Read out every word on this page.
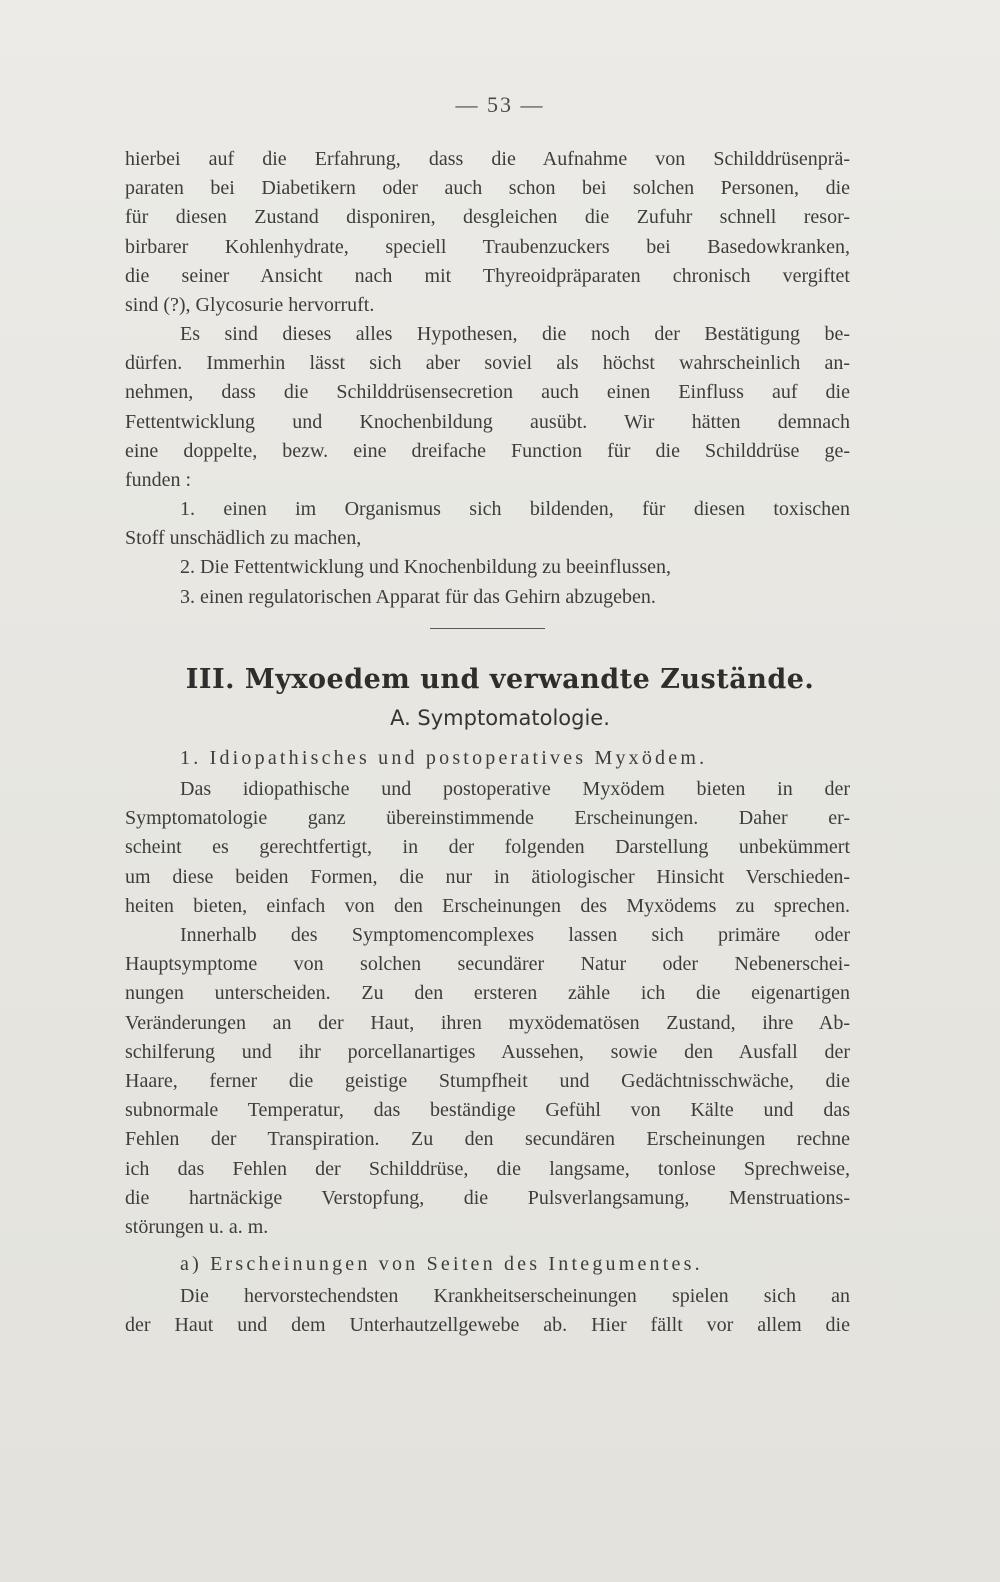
— 53 —
hierbei auf die Erfahrung, dass die Aufnahme von Schilddrüsenprä-
paraten bei Diabetikern oder auch schon bei solchen Personen, die
für diesen Zustand disponiren, desgleichen die Zufuhr schnell resor-
birbarer Kohlenhydrate, speciell Traubenzuckers bei Basedowkranken,
die seiner Ansicht nach mit Thyreoidpräparaten chronisch vergiftet
sind (?), Glycosurie hervorruft.
Es sind dieses alles Hypothesen, die noch der Bestätigung be-
dürfen. Immerhin lässt sich aber soviel als höchst wahrscheinlich an-
nehmen, dass die Schilddrüsensecretion auch einen Einfluss auf die
Fettentwicklung und Knochenbildung ausübt. Wir hätten demnach
eine doppelte, bezw. eine dreifache Function für die Schilddrüse ge-
funden :
1. einen im Organismus sich bildenden, für diesen toxischen
Stoff unschädlich zu machen,
2. Die Fettentwicklung und Knochenbildung zu beeinflussen,
3. einen regulatorischen Apparat für das Gehirn abzugeben.
III. Myxoedem und verwandte Zustände.
A. Symptomatologie.
1. Idiopathisches und postoperatives Myxödem.
Das idiopathische und postoperative Myxödem bieten in der
Symptomatologie ganz übereinstimmende Erscheinungen. Daher er-
scheint es gerechtfertigt, in der folgenden Darstellung unbekümmert
um diese beiden Formen, die nur in ätiologischer Hinsicht Verschieden-
heiten bieten, einfach von den Erscheinungen des Myxödems zu sprechen.
Innerhalb des Symptomencomplexes lassen sich primäre oder
Hauptsymptome von solchen secundärer Natur oder Nebenerschei-
nungen unterscheiden. Zu den ersteren zähle ich die eigenartigen
Veränderungen an der Haut, ihren myxödematösen Zustand, ihre Ab-
schilferung und ihr porcellanartiges Aussehen, sowie den Ausfall der
Haare, ferner die geistige Stumpfheit und Gedächtnisschwäche, die
subnormale Temperatur, das beständige Gefühl von Kälte und das
Fehlen der Transpiration. Zu den secundären Erscheinungen rechne
ich das Fehlen der Schilddrüse, die langsame, tonlose Sprechweise,
die hartnäckige Verstopfung, die Pulsverlangsamung, Menstruations-
störungen u. a. m.
a) Erscheinungen von Seiten des Integumentes.
Die hervorstechendsten Krankheitserscheinungen spielen sich an
der Haut und dem Unterhautzellgewebe ab. Hier fällt vor allem die
